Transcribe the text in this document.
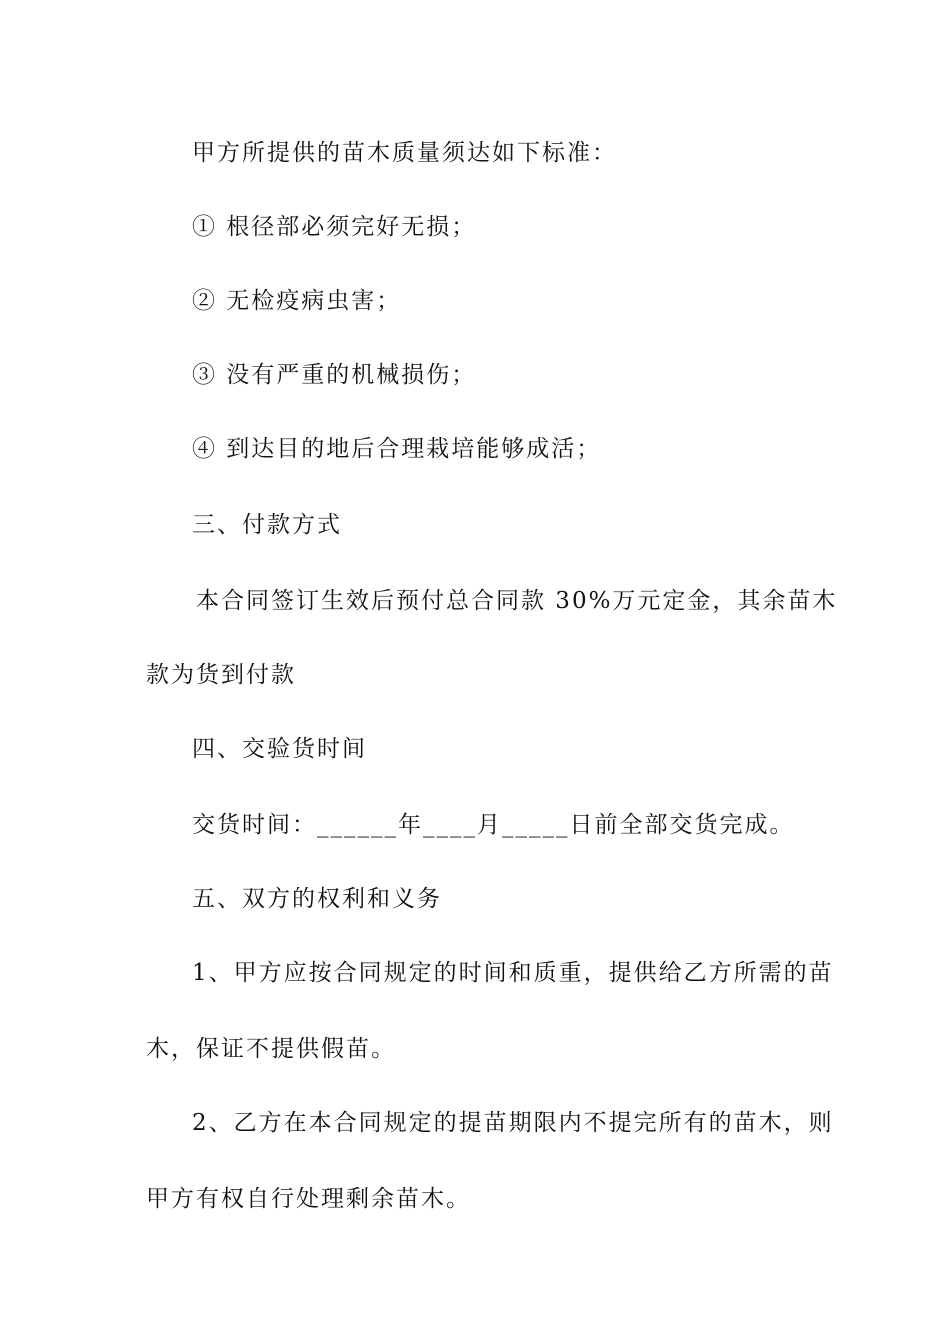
甲方所提供的苗木质量须达如下标准：
① 根径部必须完好无损；
② 无检疫病虫害；
③ 没有严重的机械损伤；
④ 到达目的地后合理栽培能够成活；
三、付款方式
本合同签订生效后预付总合同款 30%万元定金，其余苗木
款为货到付款
四、交验货时间
交货时间：______年____月_____日前全部交货完成。
五、双方的权利和义务
1、甲方应按合同规定的时间和质重，提供给乙方所需的苗
木，保证不提供假苗。
2、乙方在本合同规定的提苗期限内不提完所有的苗木，则
甲方有权自行处理剩余苗木。
